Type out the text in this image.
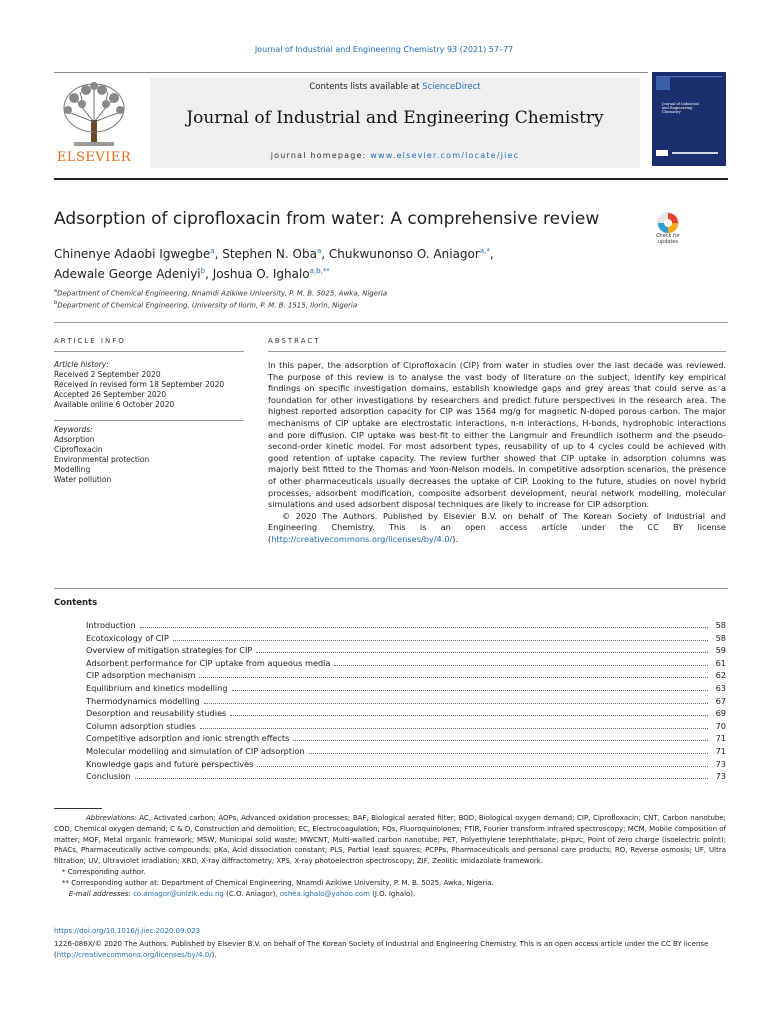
Journal of Industrial and Engineering Chemistry 93 (2021) 57–77
ELSEVIER
Contents lists available at ScienceDirect
Journal of Industrial and Engineering Chemistry
journal homepage: www.elsevier.com/locate/jiec
Journal of Industrial and Engineering Chemistry
Adsorption of ciprofloxacin from water: A comprehensive review
Check for
updates
Chinenye Adaobi Igwegbe$^a$, Stephen N. Oba$^a$, Chukwunonso O. Aniagor$^{a,*}$,
Adewale George Adeniyi$^b$, Joshua O. Ighalo$^{a,b,**}$
$^a$Department of Chemical Engineering, Nnamdi Azikiwe University, P. M. B. 5025, Awka, Nigeria
$^b$Department of Chemical Engineering, University of Ilorin, P. M. B. 1515, Ilorin, Nigeria
ARTICLE INFO	ABSTRACT
Article history:
Received 2 September 2020
Received in revised form 18 September 2020
Accepted 26 September 2020
Available online 6 October 2020
Keywords:
Adsorption
Ciprofloxacin
Environmental protection
Modelling
Water pollution
In this paper, the adsorption of Ciprofloxacin (CIP) from water in studies over the last decade was reviewed. The purpose of this review is to analyse the vast body of literature on the subject, identify key empirical findings on specific investigation domains, establish knowledge gaps and grey areas that could serve as a foundation for other investigations by researchers and predict future perspectives in the research area. The highest reported adsorption capacity for CIP was 1564 mg/g for magnetic N-doped porous carbon. The major mechanisms of CIP uptake are electrostatic interactions, π-π interactions, H-bonds, hydrophobic interactions and pore diffusion. CIP uptake was best-fit to either the Langmuir and Freundlich isotherm and the pseudo-second-order kinetic model. For most adsorbent types, reusability of up to 4 cycles could be achieved with good retention of uptake capacity. The review further showed that CIP uptake in adsorption columns was majorly best fitted to the Thomas and Yoon-Nelson models. In competitive adsorption scenarios, the presence of other pharmaceuticals usually decreases the uptake of CIP. Looking to the future, studies on novel hybrid processes, adsorbent modification, composite adsorbent development, neural network modelling, molecular simulations and used adsorbent disposal techniques are likely to increase for CIP adsorption.
© 2020 The Authors. Published by Elsevier B.V. on behalf of The Korean Society of Industrial and Engineering Chemistry. This is an open access article under the CC BY license (http://creativecommons.org/licenses/by/4.0/).
Contents
Introduction	58
Ecotoxicology of CIP	58
Overview of mitigation strategies for CIP	59
Adsorbent performance for CIP uptake from aqueous media	61
CIP adsorption mechanism	62
Equilibrium and kinetics modelling	63
Thermodynamics modelling	67
Desorption and reusability studies	69
Column adsorption studies	70
Competitive adsorption and ionic strength effects	71
Molecular modelling and simulation of CIP adsorption	71
Knowledge gaps and future perspectives	73
Conclusion	73
Abbreviations: AC, Activated carbon; AOPs, Advanced oxidation processes; BAF, Biological aerated filter; BOD, Biological oxygen demand; CIP, Ciprofloxacin; CNT, Carbon nanotube; COD, Chemical oxygen demand; C & D, Construction and demolition; EC, Electrocoagulation; FQs, Fluoroquinolones; FTIR, Fourier transform infrared spectroscopy; MCM, Mobile composition of matter; MOF, Metal organic framework; MSW, Municipal solid waste; MWCNT, Multi-walled carbon nanotube; PET, Polyethylene terephthalate; pHpzc, Point of zero charge (isoelectric point); PhACs, Pharmaceutically active compounds; pKa, Acid dissociation constant; PLS, Partial least squares; PCPPs, Pharmaceuticals and personal care products; RO, Reverse osmosis; UF, Ultra filtration; UV, Ultraviolet irradiation; XRD, X-ray diffractometry; XPS, X-ray photoelectron spectroscopy; ZIF, Zeolitic imidazolate framework.
* Corresponding author.
** Corresponding author at: Department of Chemical Engineering, Nnamdi Azikiwe University, P. M. B. 5025, Awka, Nigeria.
E-mail addresses: co.aniagor@unizik.edu.ng (C.O. Aniagor), oshea.ighalo@yahoo.com (J.O. Ighalo).
https://doi.org/10.1016/j.jiec.2020.09.023
1226-086X/© 2020 The Authors. Published by Elsevier B.V. on behalf of The Korean Society of Industrial and Engineering Chemistry. This is an open access article under the CC BY license (http://creativecommons.org/licenses/by/4.0/).
